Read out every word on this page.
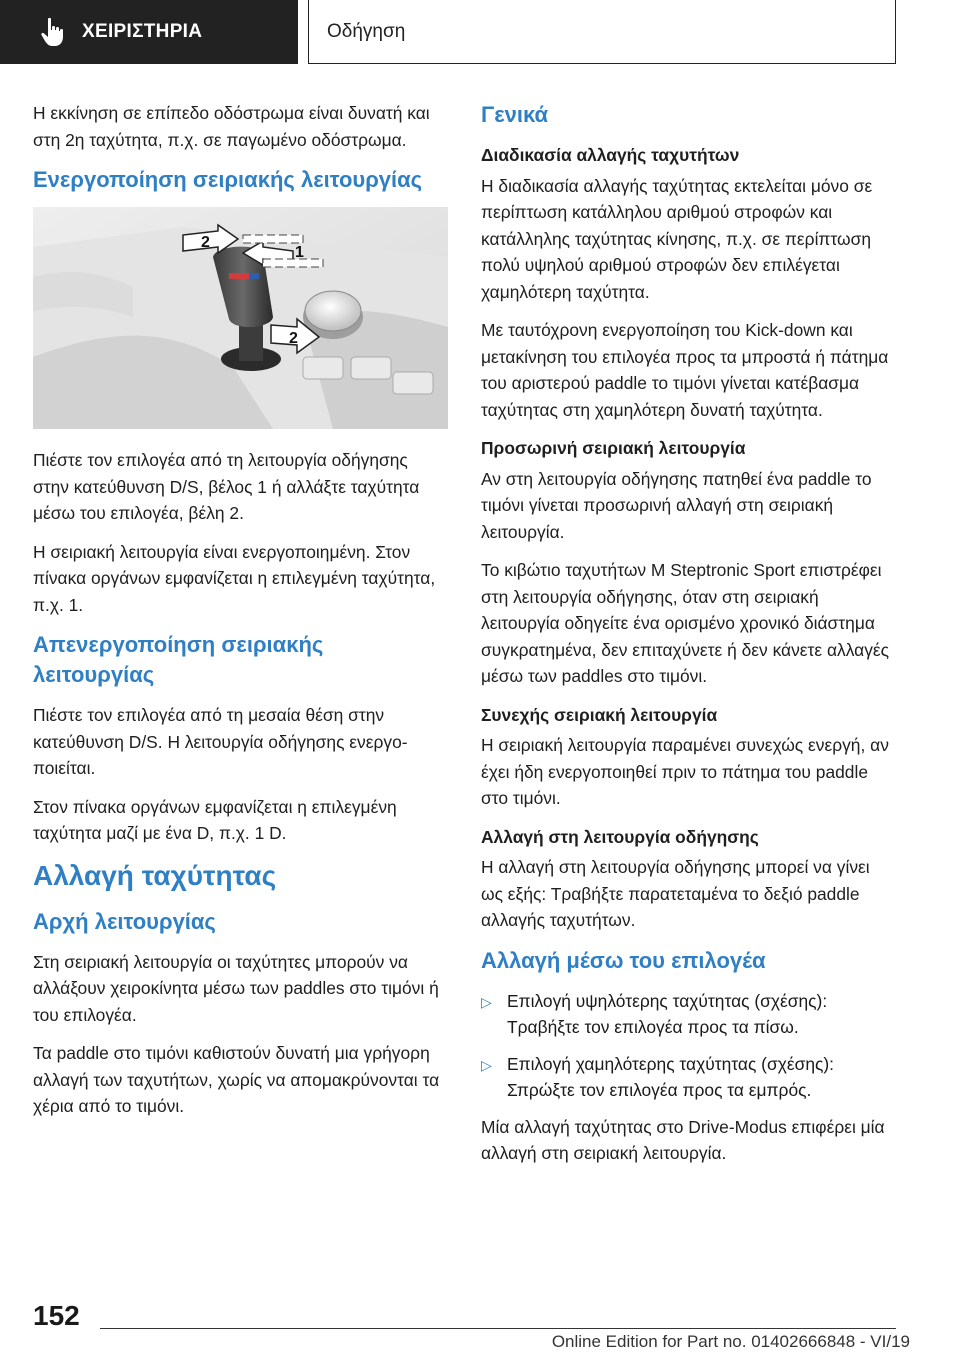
ΧΕΙΡΙΣΤΗΡΙΑ	Οδήγηση

Η εκκίνηση σε επίπεδο οδόστρωμα είναι δυνατή και στη 2η ταχύτητα, π.χ. σε παγωμένο οδόστρωμα.

Ενεργοποίηση σειριακής λειτουργίας
2
1
2

Πιέστε τον επιλογέα από τη λειτουργία οδήγησης στην κατεύθυνση D/S, βέλος 1 ή αλλάξτε ταχύτητα μέσω του επιλογέα, βέλη 2.

Η σειριακή λειτουργία είναι ενεργοποιημένη. Στον πίνακα οργάνων εμφανίζεται η επιλεγμένη ταχύτητα, π.χ. 1.

Απενεργοποίηση σειριακής λειτουργίας

Πιέστε τον επιλογέα από τη μεσαία θέση στην κατεύθυνση D/S. Η λειτουργία οδήγησης ενεργοποιείται.

Στον πίνακα οργάνων εμφανίζεται η επιλεγμένη ταχύτητα μαζί με ένα D, π.χ. 1 D.

Αλλαγή ταχύτητας
Αρχή λειτουργίας

Στη σειριακή λειτουργία οι ταχύτητες μπορούν να αλλάξουν χειροκίνητα μέσω των paddles στο τιμόνι ή του επιλογέα.

Τα paddle στο τιμόνι καθιστούν δυνατή μια γρήγορη αλλαγή των ταχυτήτων, χωρίς να απομακρύνονται τα χέρια από το τιμόνι.

Γενικά
Διαδικασία αλλαγής ταχυτήτων

Η διαδικασία αλλαγής ταχύτητας εκτελείται μόνο σε περίπτωση κατάλληλου αριθμού στροφών και κατάλληλης ταχύτητας κίνησης, π.χ. σε περίπτωση πολύ υψηλού αριθμού στροφών δεν επιλέγεται χαμηλότερη ταχύτητα.

Με ταυτόχρονη ενεργοποίηση του Kick-down και μετακίνηση του επιλογέα προς τα μπροστά ή πάτημα του αριστερού paddle το τιμόνι γίνεται κατέβασμα ταχύτητας στη χαμηλότερη δυνατή ταχύτητα.

Προσωρινή σειριακή λειτουργία

Αν στη λειτουργία οδήγησης πατηθεί ένα paddle το τιμόνι γίνεται προσωρινή αλλαγή στη σειριακή λειτουργία.

Το κιβώτιο ταχυτήτων M Steptronic Sport επιστρέφει στη λειτουργία οδήγησης, όταν στη σειριακή λειτουργία οδηγείτε ένα ορισμένο χρονικό διάστημα συγκρατημένα, δεν επιταχύνετε ή δεν κάνετε αλλαγές μέσω των paddles στο τιμόνι.

Συνεχής σειριακή λειτουργία

Η σειριακή λειτουργία παραμένει συνεχώς ενεργή, αν έχει ήδη ενεργοποιηθεί πριν το πάτημα του paddle στο τιμόνι.

Αλλαγή στη λειτουργία οδήγησης

Η αλλαγή στη λειτουργία οδήγησης μπορεί να γίνει ως εξής: Τραβήξτε παρατεταμένα το δεξιό paddle αλλαγής ταχυτήτων.

Αλλαγή μέσω του επιλογέα
▷ Επιλογή υψηλότερης ταχύτητας (σχέσης): Τραβήξτε τον επιλογέα προς τα πίσω.
▷ Επιλογή χαμηλότερης ταχύτητας (σχέσης): Σπρώξτε τον επιλογέα προς τα εμπρός.

Μία αλλαγή ταχύτητας στο Drive-Modus επιφέρει μία αλλαγή στη σειριακή λειτουργία.

152
Online Edition for Part no. 01402666848 - VI/19
